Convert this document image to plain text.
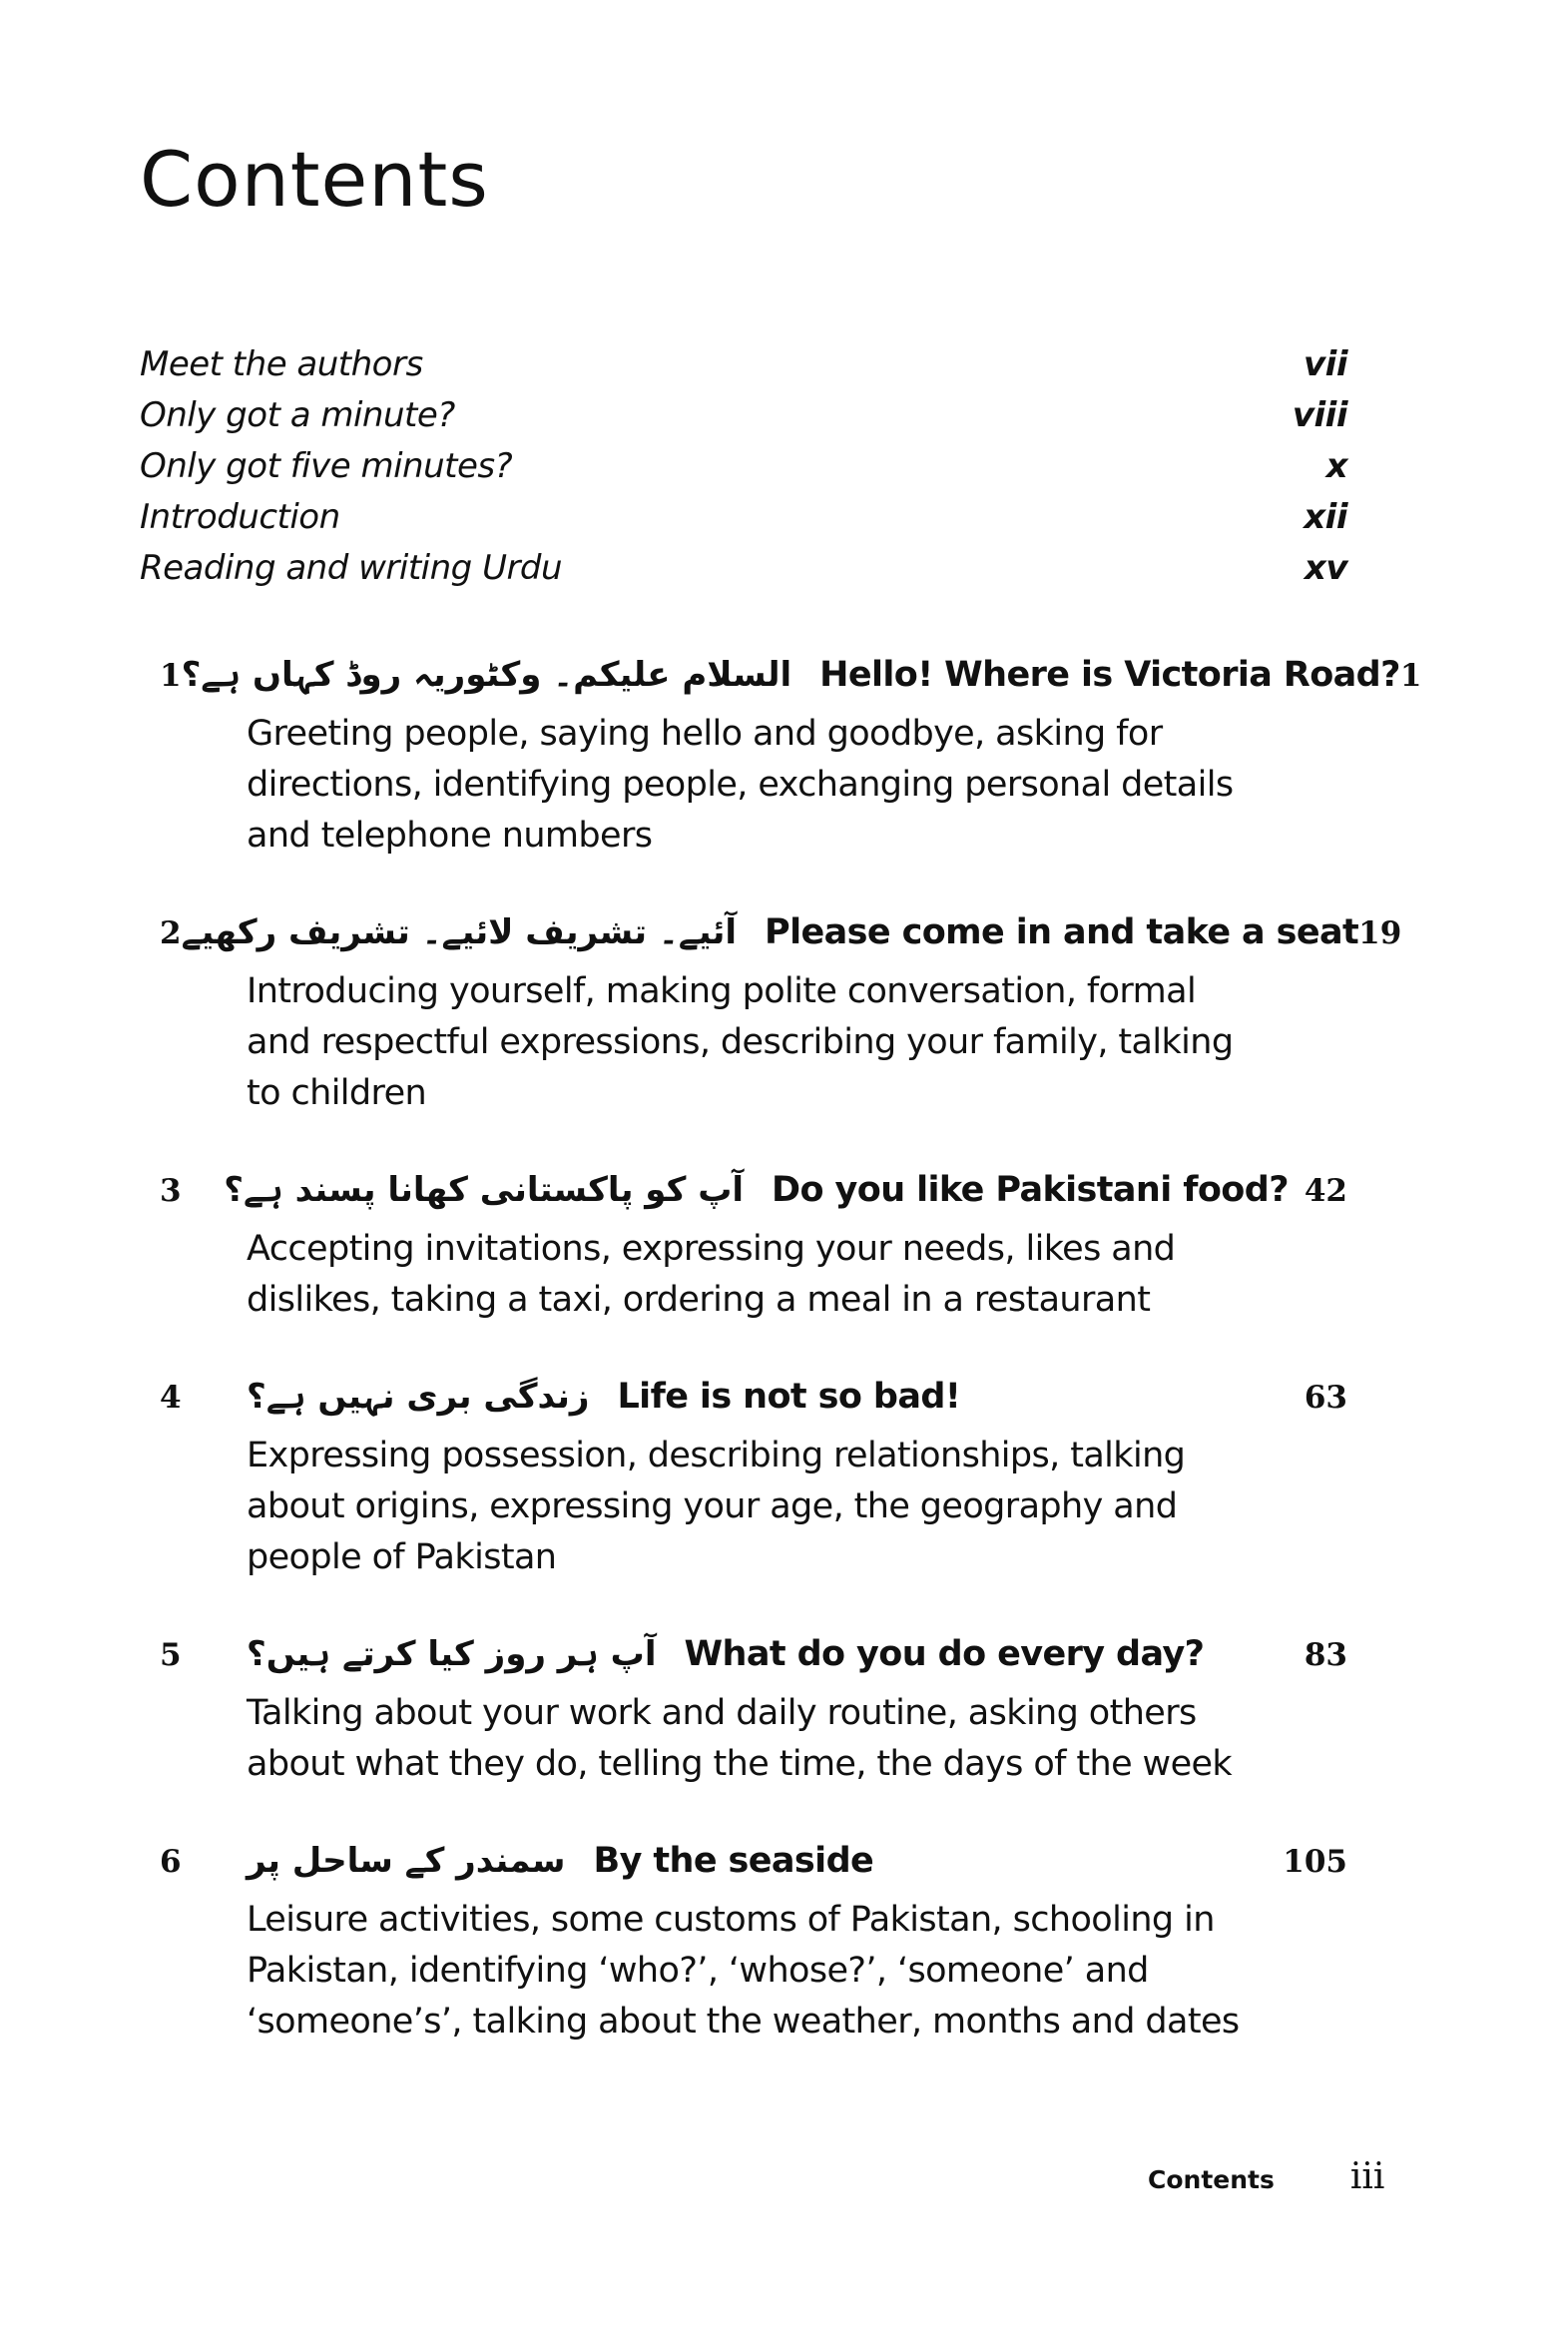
Contents
Meet the authors	vii
Only got a minute?	viii
Only got five minutes?	x
Introduction	xii
Reading and writing Urdu	xv
1 السلام علیکم۔ وکٹوریہ روڈ کہاں ہے؟ Hello! Where is Victoria Road? 1
Greeting people, saying hello and goodbye, asking for directions, identifying people, exchanging personal details and telephone numbers
2 آئیے۔ تشریف لائیے۔ تشریف رکھیے Please come in and take a seat 19
Introducing yourself, making polite conversation, formal and respectful expressions, describing your family, talking to children
3	آپ کو پاکستانی کھانا پسند ہے؟ Do you like Pakistani food? 42
Accepting invitations, expressing your needs, likes and dislikes, taking a taxi, ordering a meal in a restaurant
4	زندگی بری نہیں ہے؟ Life is not so bad!	63
Expressing possession, describing relationships, talking about origins, expressing your age, the geography and people of Pakistan
5	آپ ہر روز کیا کرتے ہیں؟ What do you do every day?	83
Talking about your work and daily routine, asking others about what they do, telling the time, the days of the week
6	سمندر کے ساحل پر By the seaside	105
Leisure activities, some customs of Pakistan, schooling in Pakistan, identifying ‘who?’, ‘whose?’, ‘someone’ and ‘someone’s’, talking about the weather, months and dates
Contents iii
